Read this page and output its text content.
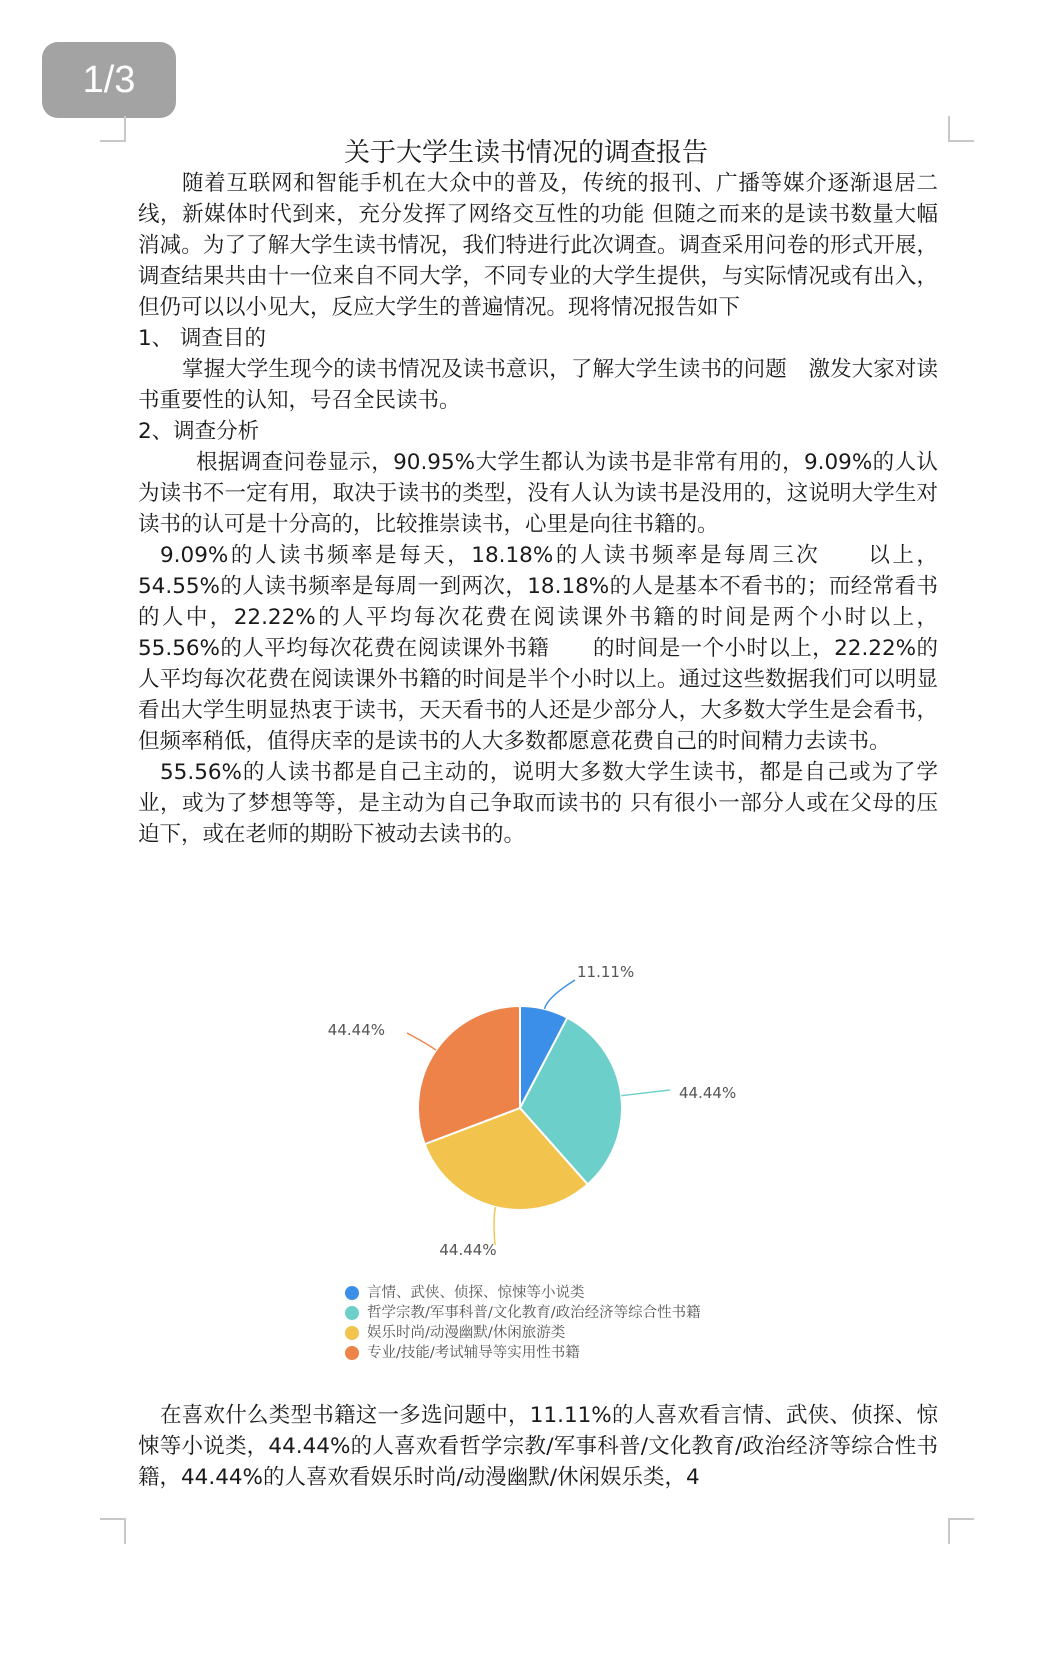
1/3
关于大学生读书情况的调查报告

随着互联网和智能手机在大众中的普及，传统的报刊、广播等媒介逐渐退居二线，新媒体时代到来，充分发挥了网络交互性的功能 但随之而来的是读书数量大幅消减。为了了解大学生读书情况，我们特进行此次调查。调查采用问卷的形式开展，调查结果共由十一位来自不同大学，不同专业的大学生提供，与实际情况或有出入，但仍可以以小见大，反应大学生的普遍情况。现将情况报告如下

1、 调查目的

掌握大学生现今的读书情况及读书意识，了解大学生读书的问题　激发大家对读书重要性的认知，号召全民读书。

2、调查分析

根据调查问卷显示，90.95%大学生都认为读书是非常有用的，9.09%的人认为读书不一定有用，取决于读书的类型，没有人认为读书是没用的，这说明大学生对读书的认可是十分高的，比较推崇读书，心里是向往书籍的。

9.09%的人读书频率是每天，18.18%的人读书频率是每周三次　　以上，54.55%的人读书频率是每周一到两次，18.18%的人是基本不看书的；而经常看书的人中，22.22%的人平均每次花费在阅读课外书籍的时间是两个小时以上，55.56%的人平均每次花费在阅读课外书籍　　的时间是一个小时以上，22.22%的人平均每次花费在阅读课外书籍的时间是半个小时以上。通过这些数据我们可以明显看出大学生明显热衷于读书，天天看书的人还是少部分人，大多数大学生是会看书，但频率稍低，值得庆幸的是读书的人大多数都愿意花费自己的时间精力去读书。

55.56%的人读书都是自己主动的，说明大多数大学生读书，都是自己或为了学业，或为了梦想等等，是主动为自己争取而读书的 只有很小一部分人或在父母的压迫下，或在老师的期盼下被动去读书的。

11.11%
44.44%
44.44%
44.44%
言情、武侠、侦探、惊悚等小说类
哲学宗教/军事科普/文化教育/政治经济等综合性书籍
娱乐时尚/动漫幽默/休闲旅游类
专业/技能/考试辅导等实用性书籍

在喜欢什么类型书籍这一多选问题中，11.11%的人喜欢看言情、武侠、侦探、惊悚等小说类，44.44%的人喜欢看哲学宗教/军事科普/文化教育/政治经济等综合性书籍，44.44%的人喜欢看娱乐时尚/动漫幽默/休闲娱乐类，4
